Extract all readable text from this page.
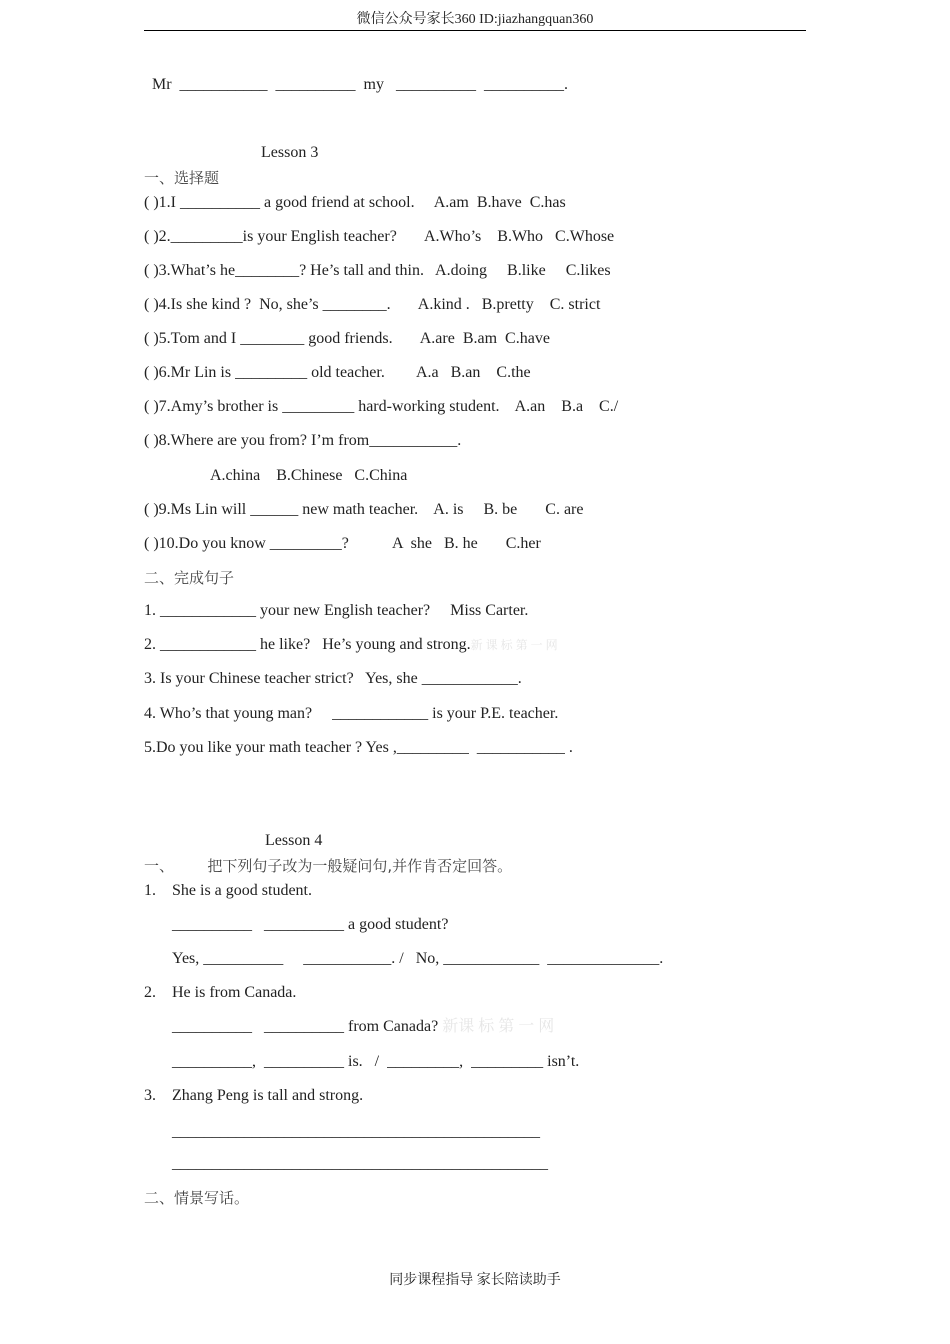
微信公众号家长360 ID:jiazhangquan360
Mr  ___________  __________  my   __________  __________.
Lesson 3
一、选择题
( )1.I __________ a good friend at school.     A.am  B.have  C.has
( )2._________is your English teacher?       A.Who’s    B.Who   C.Whose
( )3.What’s he________? He’s tall and thin.   A.doing     B.like     C.likes
( )4.Is she kind ?  No, she’s ________.       A.kind .   B.pretty    C. strict
( )5.Tom and I ________ good friends.       A.are  B.am  C.have
( )6.Mr Lin is _________ old teacher.        A.a   B.an    C.the
( )7.Amy’s brother is _________ hard-working student.    A.an    B.a    C./
( )8.Where are you from? I’m from___________.
A.china    B.Chinese   C.China
( )9.Ms Lin will ______ new math teacher.    A. is     B. be       C. are
( )10.Do you know _________?           A  she   B. he       C.her
二、完成句子
1. ____________ your new English teacher?     Miss Carter.
2. ____________ he like?   He’s young and strong.新 课 标 第 一 网
3. Is your Chinese teacher strict?   Yes, she ____________.
4. Who’s that young man?     ____________ is your P.E. teacher.
5.Do you like your math teacher ? Yes ,_________  ___________ .
Lesson 4
一、       把下列句子改为一般疑问句,并作肯否定回答。
1.    She is a good student.
__________   __________ a good student?
Yes, __________     ___________. /   No, ____________  ______________.
2.    He is from Canada.
__________   __________ from Canada? 新课 标 第 一 网
__________,  __________ is.   /  _________,  _________ isn’t.
3.    Zhang Peng is tall and strong.
______________________________________________
_______________________________________________
二、情景写话。
同步课程指导 家长陪读助手
